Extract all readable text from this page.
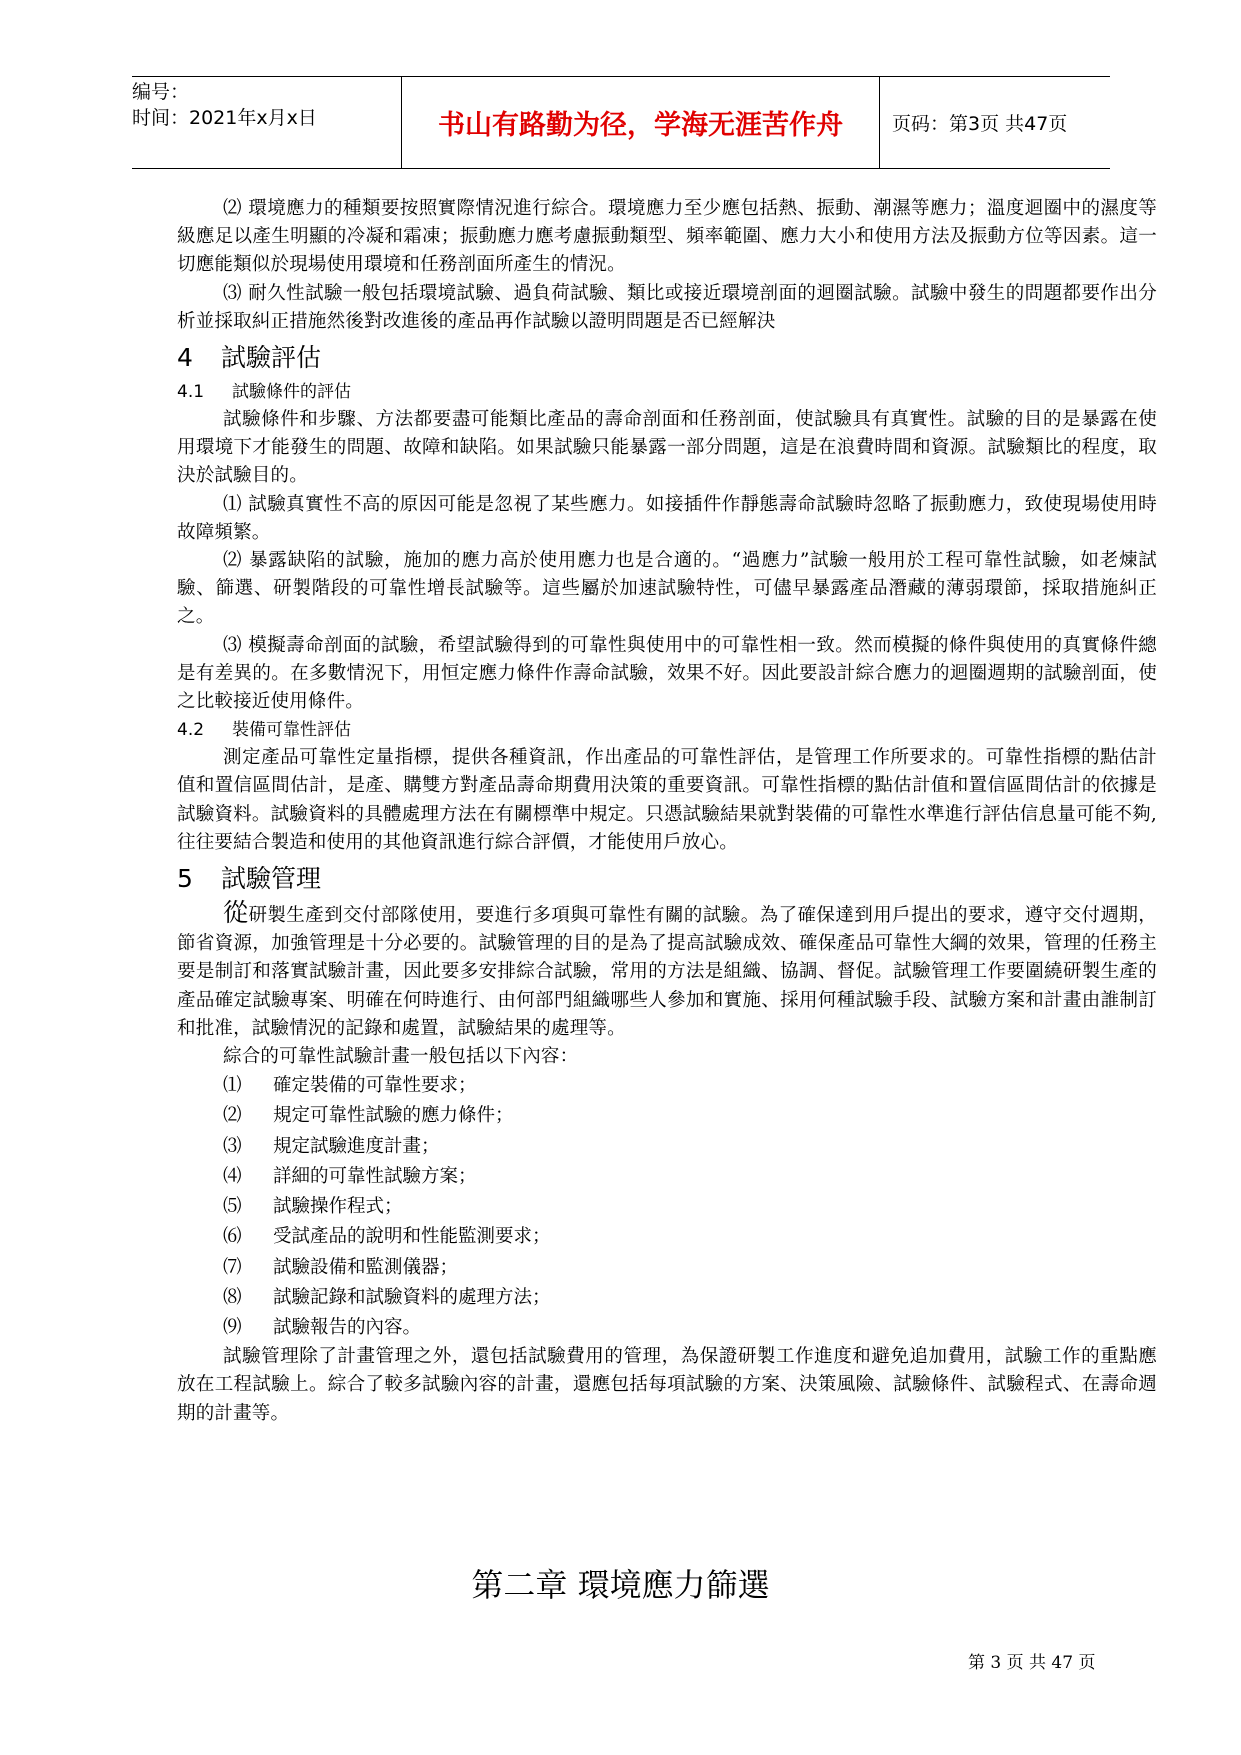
编号：
时间：2021年x月x日	书山有路勤为径，学海无涯苦作舟	页码：第3页 共47页

⑵ 環境應力的種類要按照實際情況進行綜合。環境應力至少應包括熱、振動、潮濕等應力；溫度迴圈中的濕度等級應足以產生明顯的冷凝和霜凍；振動應力應考慮振動類型、頻率範圍、應力大小和使用方法及振動方位等因素。這一切應能類似於現場使用環境和任務剖面所產生的情況。

⑶ 耐久性試驗一般包括環境試驗、過負荷試驗、類比或接近環境剖面的迴圈試驗。試驗中發生的問題都要作出分析並採取糾正措施然後對改進後的產品再作試驗以證明問題是否已經解決

4 試驗評估
4.1 試驗條件的評估

試驗條件和步驟、方法都要盡可能類比產品的壽命剖面和任務剖面，使試驗具有真實性。試驗的目的是暴露在使用環境下才能發生的問題、故障和缺陷。如果試驗只能暴露一部分問題，這是在浪費時間和資源。試驗類比的程度，取決於試驗目的。

⑴ 試驗真實性不高的原因可能是忽視了某些應力。如接插件作靜態壽命試驗時忽略了振動應力，致使現場使用時故障頻繁。

⑵ 暴露缺陷的試驗，施加的應力高於使用應力也是合適的。“過應力”試驗一般用於工程可靠性試驗，如老煉試驗、篩選、研製階段的可靠性增長試驗等。這些屬於加速試驗特性，可儘早暴露產品潛藏的薄弱環節，採取措施糾正之。

⑶ 模擬壽命剖面的試驗，希望試驗得到的可靠性與使用中的可靠性相一致。然而模擬的條件與使用的真實條件總是有差異的。在多數情況下，用恒定應力條件作壽命試驗，效果不好。因此要設計綜合應力的迴圈週期的試驗剖面，使之比較接近使用條件。

4.2 裝備可靠性評估

測定產品可靠性定量指標，提供各種資訊，作出產品的可靠性評估，是管理工作所要求的。可靠性指標的點估計值和置信區間估計，是產、購雙方對產品壽命期費用決策的重要資訊。可靠性指標的點估計值和置信區間估計的依據是試驗資料。試驗資料的具體處理方法在有關標準中規定。只憑試驗結果就對裝備的可靠性水準進行評估信息量可能不夠,往往要結合製造和使用的其他資訊進行綜合評價，才能使用戶放心。

5 試驗管理

從研製生產到交付部隊使用，要進行多項與可靠性有關的試驗。為了確保達到用戶提出的要求，遵守交付週期，節省資源，加強管理是十分必要的。試驗管理的目的是為了提高試驗成效、確保產品可靠性大綱的效果，管理的任務主要是制訂和落實試驗計畫，因此要多安排綜合試驗，常用的方法是組織、協調、督促。試驗管理工作要圍繞研製生產的產品確定試驗專案、明確在何時進行、由何部門組織哪些人參加和實施、採用何種試驗手段、試驗方案和計畫由誰制訂和批准，試驗情況的記錄和處置，試驗結果的處理等。

綜合的可靠性試驗計畫一般包括以下內容：

⑴ 確定裝備的可靠性要求；

⑵ 規定可靠性試驗的應力條件；

⑶ 規定試驗進度計畫；

⑷ 詳細的可靠性試驗方案；

⑸ 試驗操作程式；

⑹ 受試產品的說明和性能監測要求；

⑺ 試驗設備和監測儀器；

⑻ 試驗記錄和試驗資料的處理方法；

⑼ 試驗報告的內容。

試驗管理除了計畫管理之外，還包括試驗費用的管理，為保證研製工作進度和避免追加費用，試驗工作的重點應放在工程試驗上。綜合了較多試驗內容的計畫，還應包括每項試驗的方案、決策風險、試驗條件、試驗程式、在壽命週期的計畫等。

第二章 環境應力篩選
第 3 页 共 47 页
